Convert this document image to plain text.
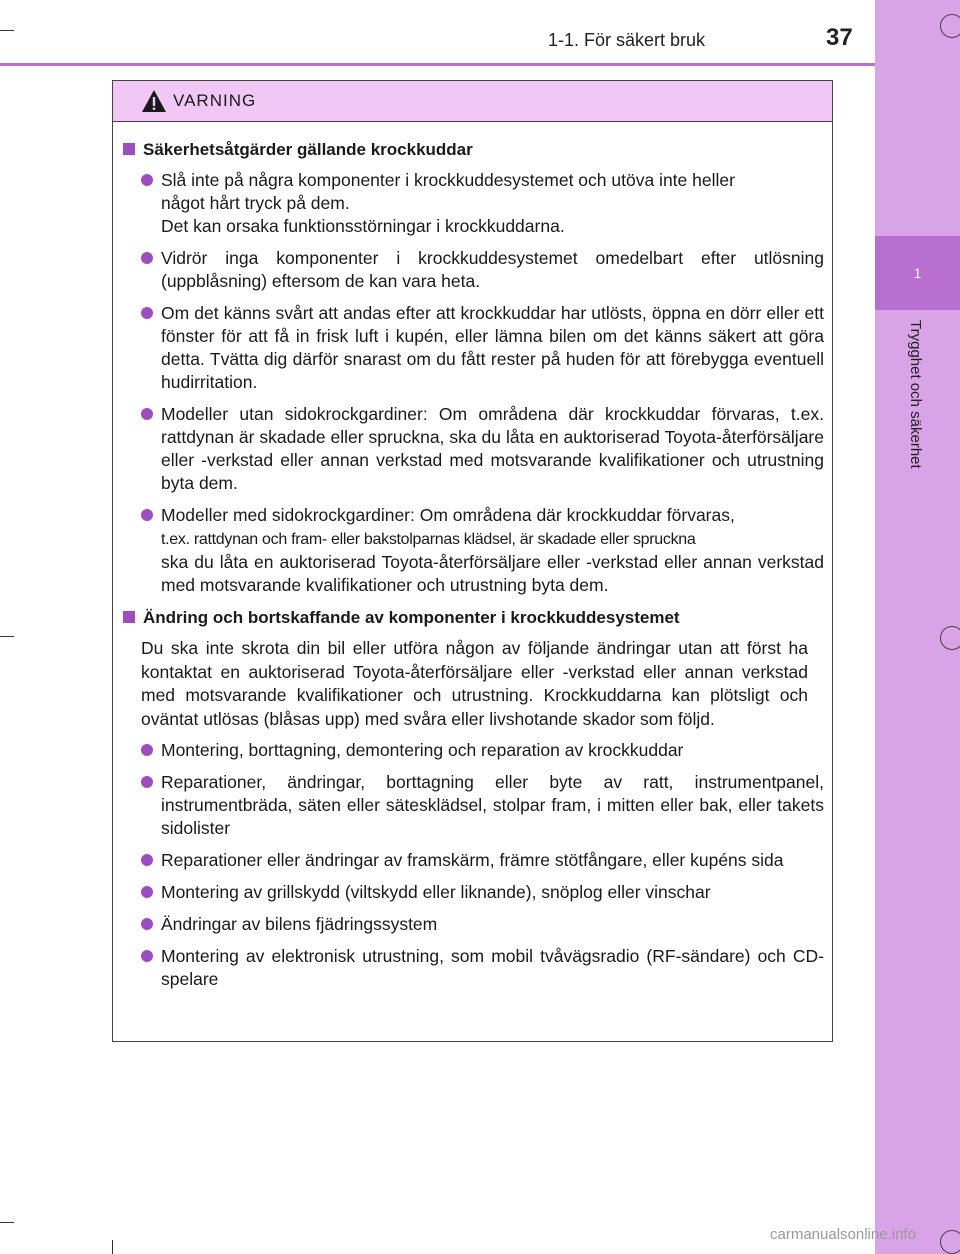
1
Trygghet och säkerhet
1-1. För säkert bruk	37
VARNING
Säkerhetsåtgärder gällande krockkuddar
Slå inte på några komponenter i krockkuddesystemet och utöva inte heller
något hårt tryck på dem.
Det kan orsaka funktionsstörningar i krockkuddarna.
Vidrör inga komponenter i krockkuddesystemet omedelbart efter utlösning (uppblåsning) eftersom de kan vara heta.
Om det känns svårt att andas efter att krockkuddar har utlösts, öppna en dörr eller ett fönster för att få in frisk luft i kupén, eller lämna bilen om det känns säkert att göra detta. Tvätta dig därför snarast om du fått rester på huden för att förebygga eventuell hudirritation.
Modeller utan sidokrockgardiner: Om områdena där krockkuddar förvaras, t.ex. rattdynan är skadade eller spruckna, ska du låta en auktoriserad Toyota-återförsäljare eller -verkstad eller annan verkstad med motsvarande kvalifikationer och utrustning byta dem.
Modeller med sidokrockgardiner: Om områdena där krockkuddar förvaras,
t.ex. rattdynan och fram- eller bakstolparnas klädsel, är skadade eller spruckna
ska du låta en auktoriserad Toyota-återförsäljare eller -verkstad eller annan verkstad med motsvarande kvalifikationer och utrustning byta dem.
Ändring och bortskaffande av komponenter i krockkuddesystemet
Du ska inte skrota din bil eller utföra någon av följande ändringar utan att först ha kontaktat en auktoriserad Toyota-återförsäljare eller -verkstad eller annan verkstad med motsvarande kvalifikationer och utrustning. Krockkuddarna kan plötsligt och oväntat utlösas (blåsas upp) med svåra eller livshotande skador som följd.
Montering, borttagning, demontering och reparation av krockkuddar
Reparationer, ändringar, borttagning eller byte av ratt, instrumentpanel, instrumentbräda, säten eller sätesklädsel, stolpar fram, i mitten eller bak, eller takets sidolister
Reparationer eller ändringar av framskärm, främre stötfångare, eller kupéns sida
Montering av grillskydd (viltskydd eller liknande), snöplog eller vinschar
Ändringar av bilens fjädringssystem
Montering av elektronisk utrustning, som mobil tvåvägsradio (RF-sändare) och CD-spelare
carmanualsonline.info
